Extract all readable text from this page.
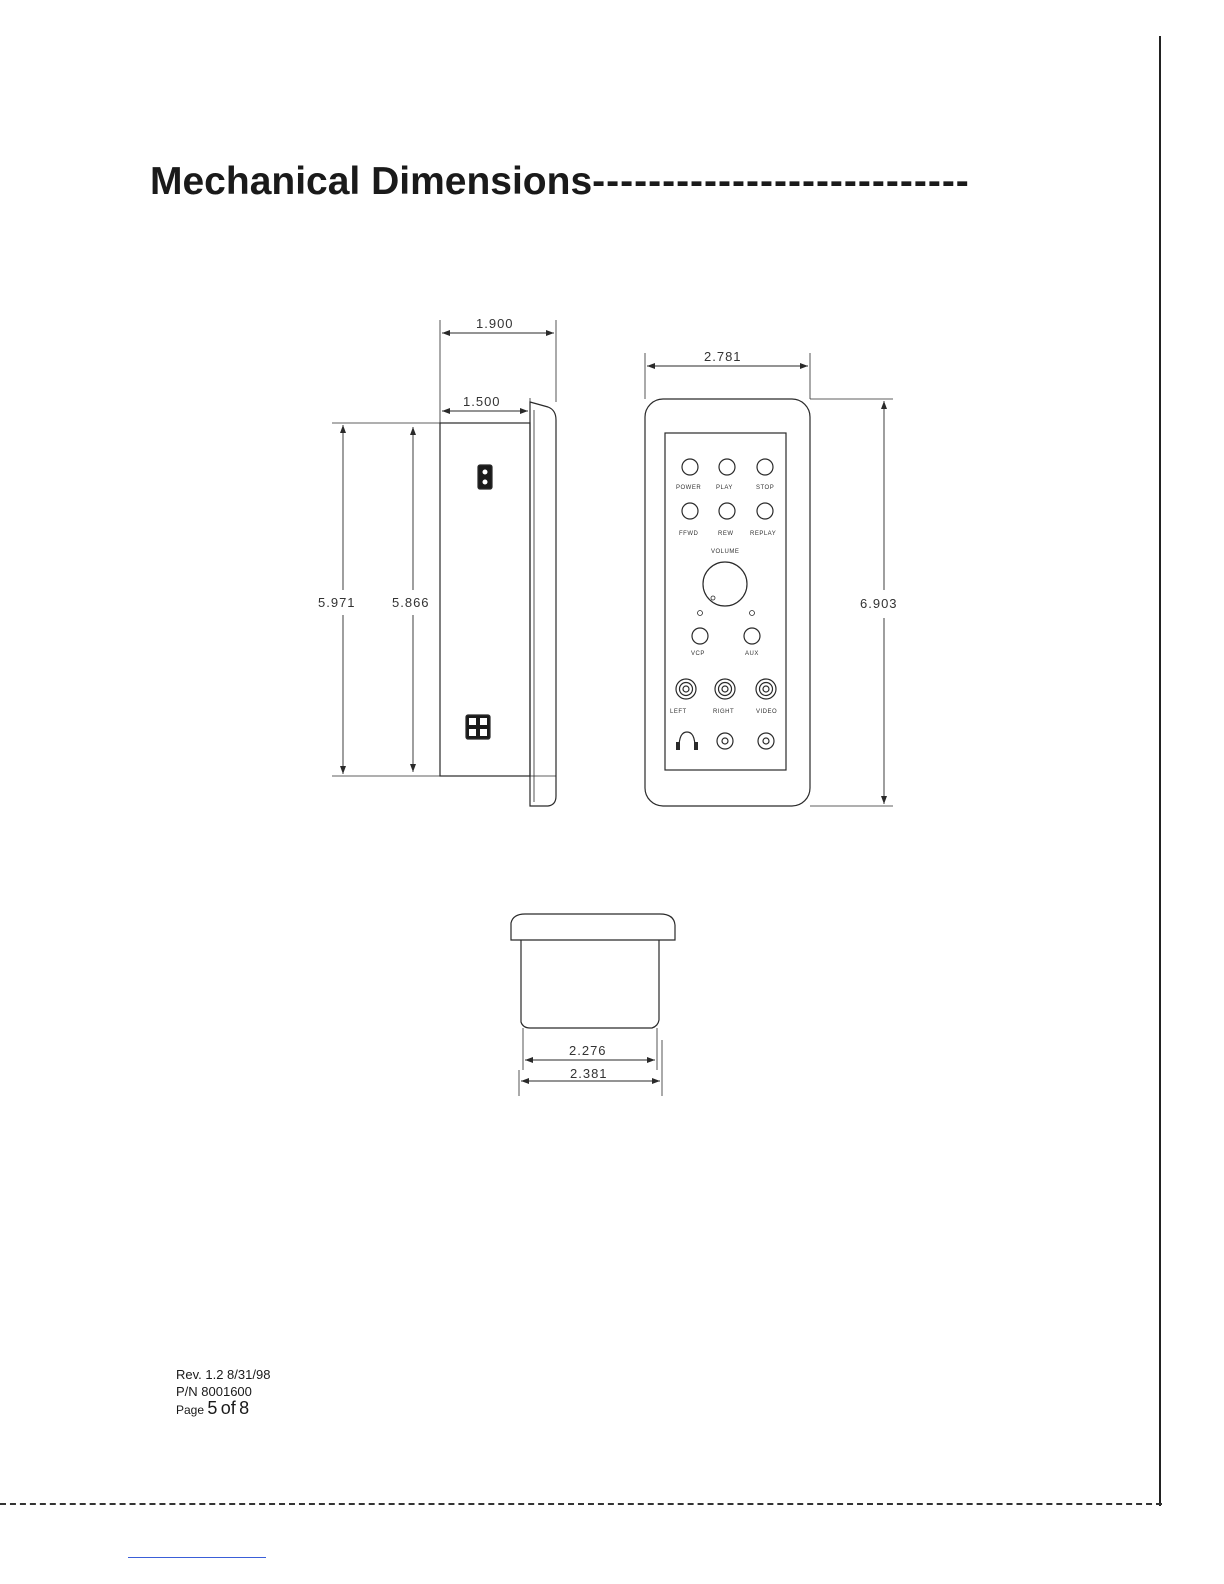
Mechanical Dimensions---------------------------
1.900
1.500
2.781
5.971	5.866	6.903
2.276
2.381
POWER PLAY	STOP
FFWD	REW	REPLAY
VOLUME
VCP	AUX
LEFT	RIGHT	VIDEO
Rev. 1.2 8/31/98
P/N 8001600
Page 5 of 8
